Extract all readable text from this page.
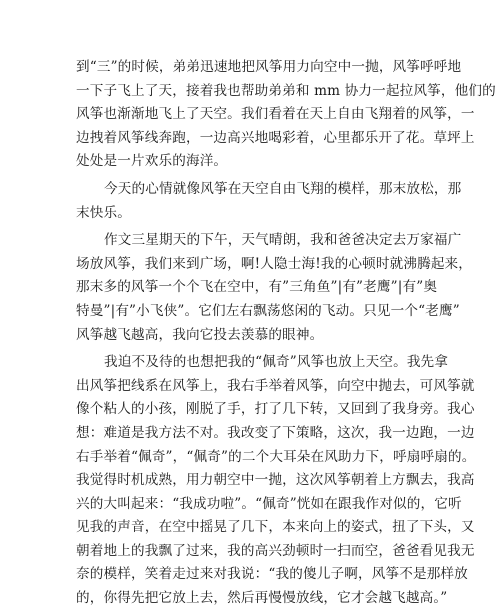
到“三”的时候，弟弟迅速地把风筝用力向空中一抛，风筝呼呼地
一下子飞上了天，接着我也帮助弟弟和 mm 协力一起拉风筝，他们的
风筝也渐渐地飞上了天空。我们看着在天上自由飞翔着的风筝，一
边拽着风筝线奔跑，一边高兴地喝彩着，心里都乐开了花。草坪上
处处是一片欢乐的海洋。

今天的心情就像风筝在天空自由飞翔的模样，那末放松，那
末快乐。

作文三星期天的下午，天气晴朗，我和爸爸决定去万家福广
场放风筝，我们来到广场，啊!人隐士海!我的心顿时就沸腾起来，
那末多的风筝一个个飞在空中，有”三角鱼”|有”老鹰”|有”奥
特曼”|有”小飞侠”。它们左右飘荡悠闲的飞动。只见一个“老鹰”
风筝越飞越高，我向它投去羡慕的眼神。

我迫不及待的也想把我的“佩奇”风筝也放上天空。我先拿
出风筝把线系在风筝上，我右手举着风筝，向空中抛去，可风筝就
像个粘人的小孩，刚脱了手，打了几下转，又回到了我身旁。我心
想：难道是我方法不对。我改变了下策略，这次，我一边跑，一边
右手举着“佩奇”，“佩奇”的二个大耳朵在风助力下，呼扇呼扇的。
我觉得时机成熟，用力朝空中一抛，这次风筝朝着上方飘去，我高
兴的大叫起来：“我成功啦”。“佩奇”恍如在跟我作对似的，它听
见我的声音，在空中摇晃了几下，本来向上的姿式，扭了下头，又
朝着地上的我飘了过来，我的高兴劲顿时一扫而空，爸爸看见我无
奈的模样，笑着走过来对我说：“我的傻儿子啊，风筝不是那样放
的，你得先把它放上去，然后再慢慢放线，它才会越飞越高。”
